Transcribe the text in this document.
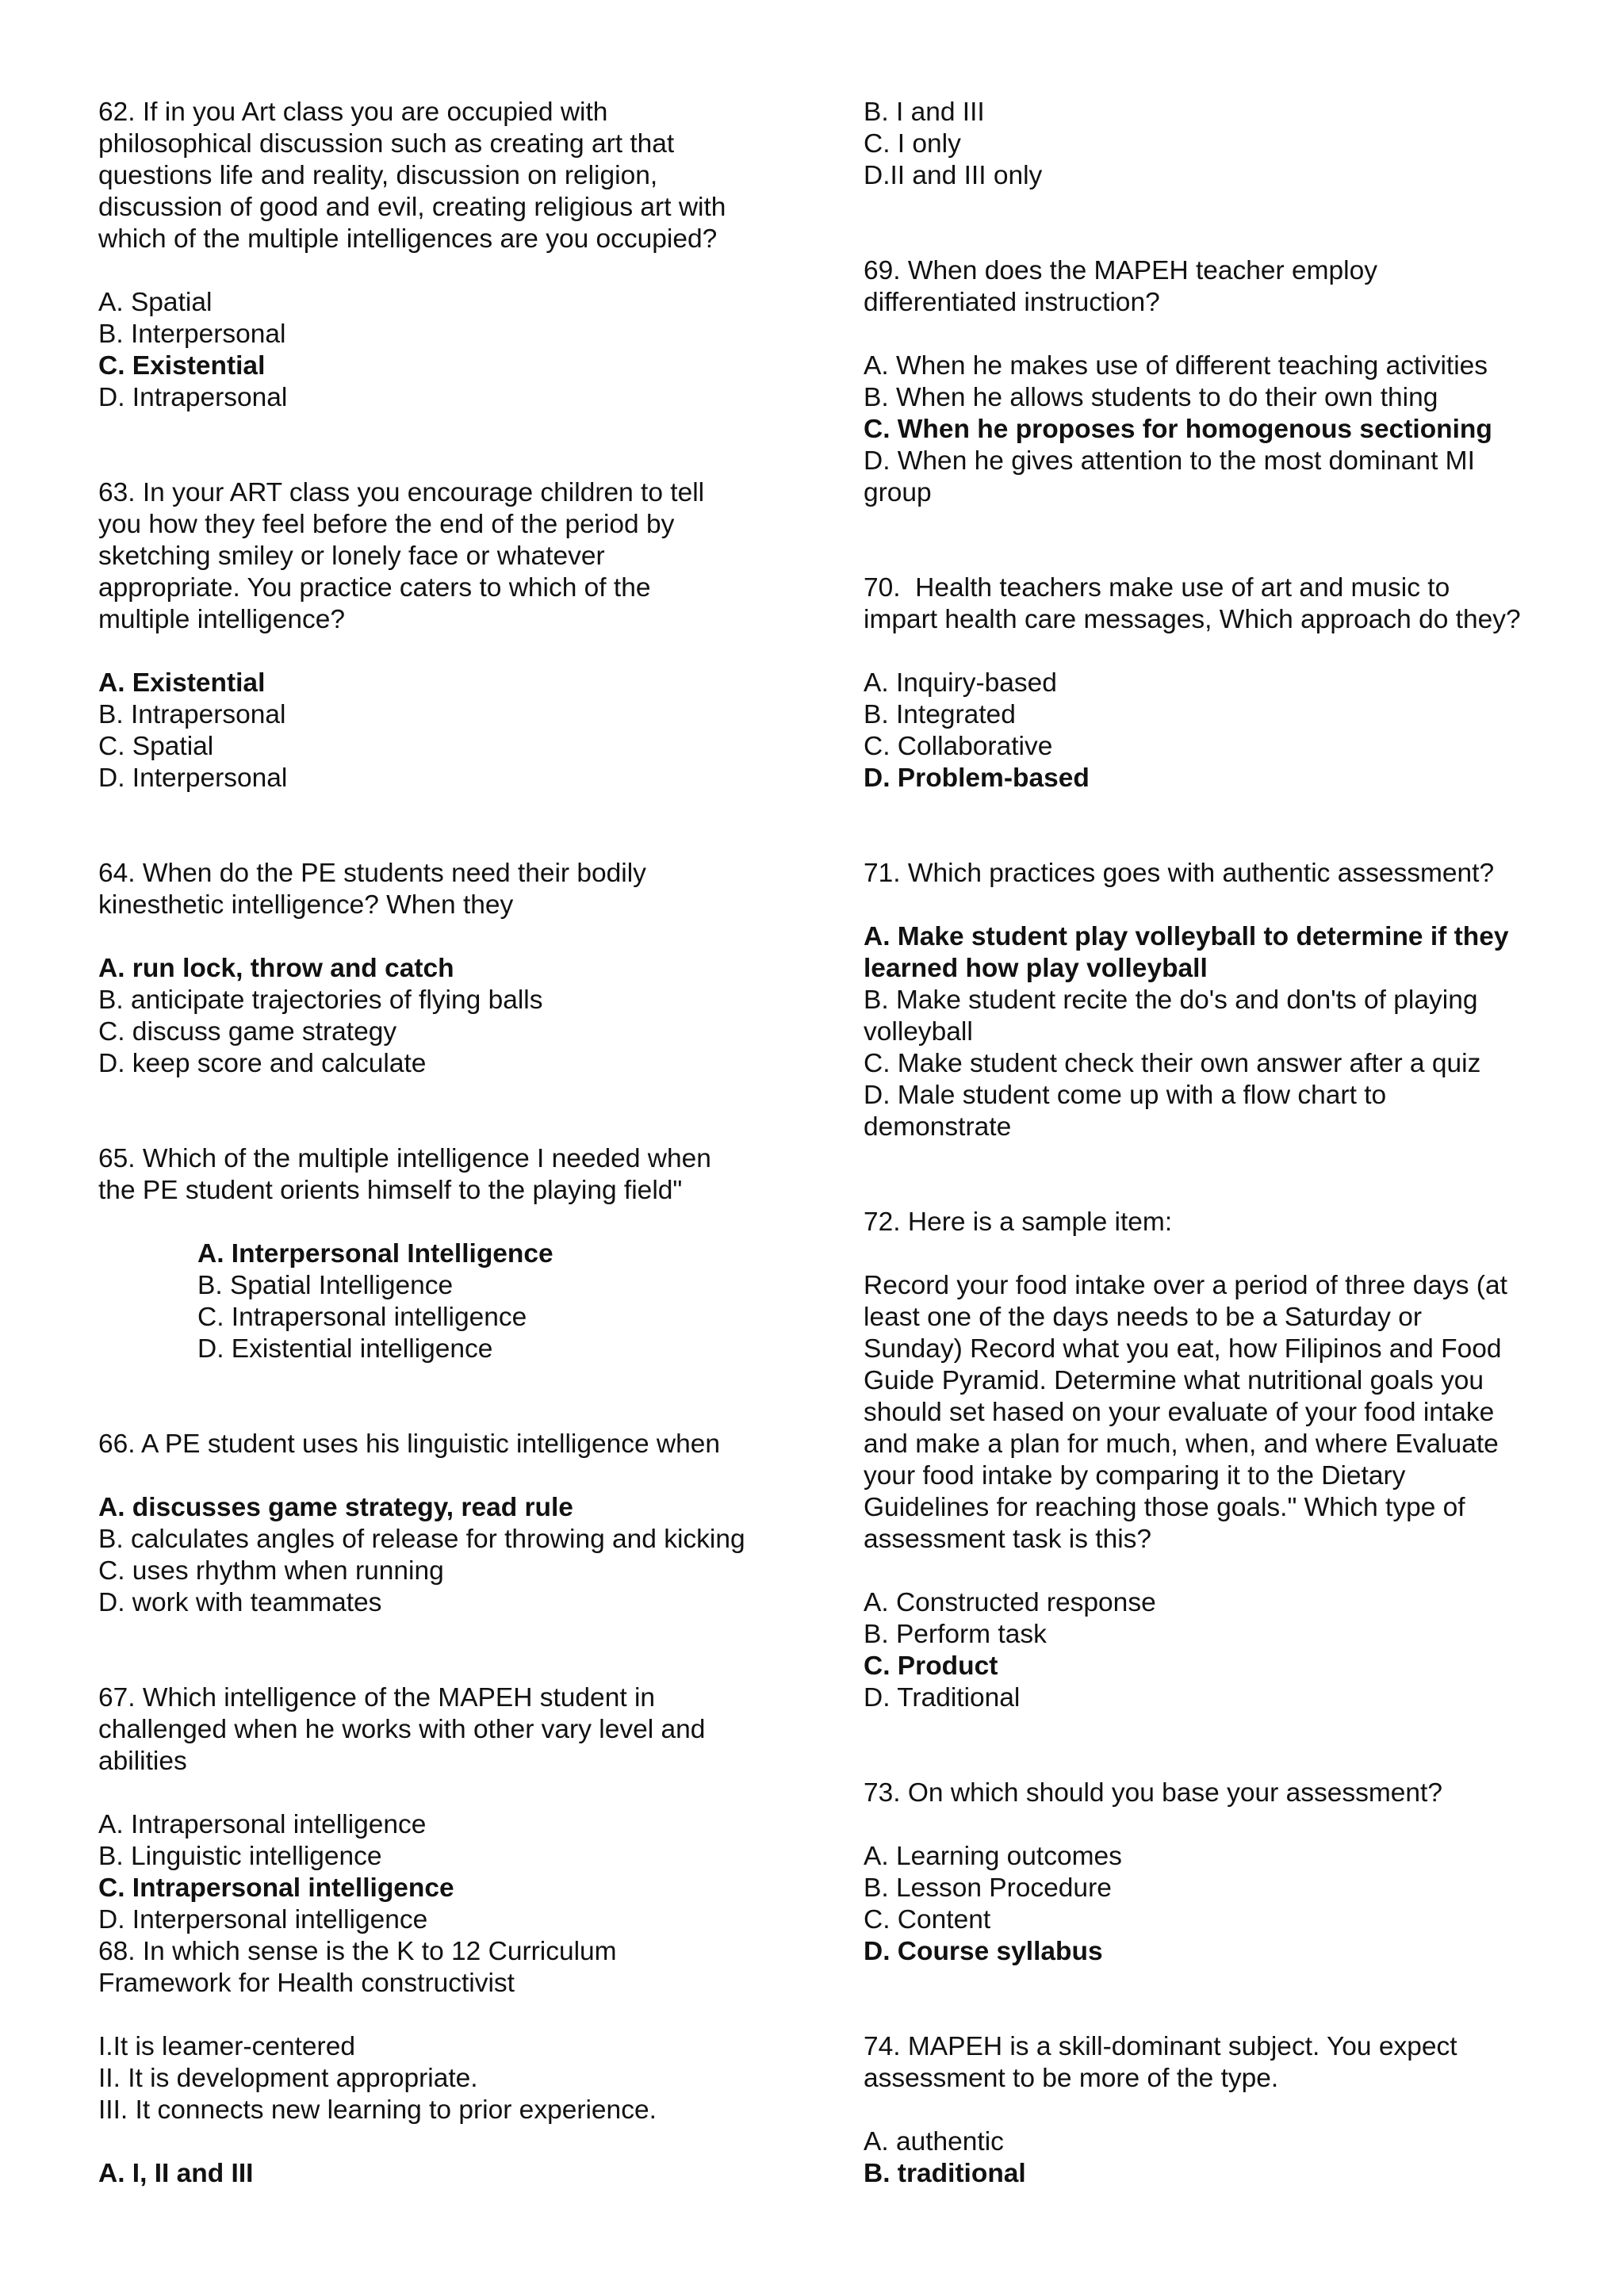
62. If in you Art class you are occupied with
philosophical discussion such as creating art that
questions life and reality, discussion on religion,
discussion of good and evil, creating religious art with
which of the multiple intelligences are you occupied?
A. Spatial
B. Interpersonal
C. Existential
D. Intrapersonal
63. In your ART class you encourage children to tell
you how they feel before the end of the period by
sketching smiley or lonely face or whatever
appropriate. You practice caters to which of the
multiple intelligence?
A. Existential
B. Intrapersonal
C. Spatial
D. Interpersonal
64. When do the PE students need their bodily
kinesthetic intelligence? When they
A. run lock, throw and catch
B. anticipate trajectories of flying balls
C. discuss game strategy
D. keep score and calculate
65. Which of the multiple intelligence I needed when
the PE student orients himself to the playing field"
A. Interpersonal Intelligence
B. Spatial Intelligence
C. Intrapersonal intelligence
D. Existential intelligence
66. A PE student uses his linguistic intelligence when
A. discusses game strategy, read rule
B. calculates angles of release for throwing and kicking
C. uses rhythm when running
D. work with teammates
67. Which intelligence of the MAPEH student in
challenged when he works with other vary level and
abilities
A. Intrapersonal intelligence
B. Linguistic intelligence
C. Intrapersonal intelligence
D. Interpersonal intelligence
68. In which sense is the K to 12 Curriculum
Framework for Health constructivist
I.It is leamer-centered
II. It is development appropriate.
III. It connects new learning to prior experience.
A. I, II and III
B. I and III
C. I only
D.II and III only
69. When does the MAPEH teacher employ
differentiated instruction?
A. When he makes use of different teaching activities
B. When he allows students to do their own thing
C. When he proposes for homogenous sectioning
D. When he gives attention to the most dominant MI
group
70.  Health teachers make use of art and music to
impart health care messages, Which approach do they?
A. Inquiry-based
B. Integrated
C. Collaborative
D. Problem-based
71. Which practices goes with authentic assessment?
A. Make student play volleyball to determine if they
learned how play volleyball
B. Make student recite the do's and don'ts of playing
volleyball
C. Make student check their own answer after a quiz
D. Male student come up with a flow chart to
demonstrate
72. Here is a sample item:
Record your food intake over a period of three days (at
least one of the days needs to be a Saturday or
Sunday) Record what you eat, how Filipinos and Food
Guide Pyramid. Determine what nutritional goals you
should set hased on your evaluate of your food intake
and make a plan for much, when, and where Evaluate
your food intake by comparing it to the Dietary
Guidelines for reaching those goals." Which type of
assessment task is this?
A. Constructed response
B. Perform task
C. Product
D. Traditional
73. On which should you base your assessment?
A. Learning outcomes
B. Lesson Procedure
C. Content
D. Course syllabus
74. MAPEH is a skill-dominant subject. You expect
assessment to be more of the type.
A. authentic
B. traditional
